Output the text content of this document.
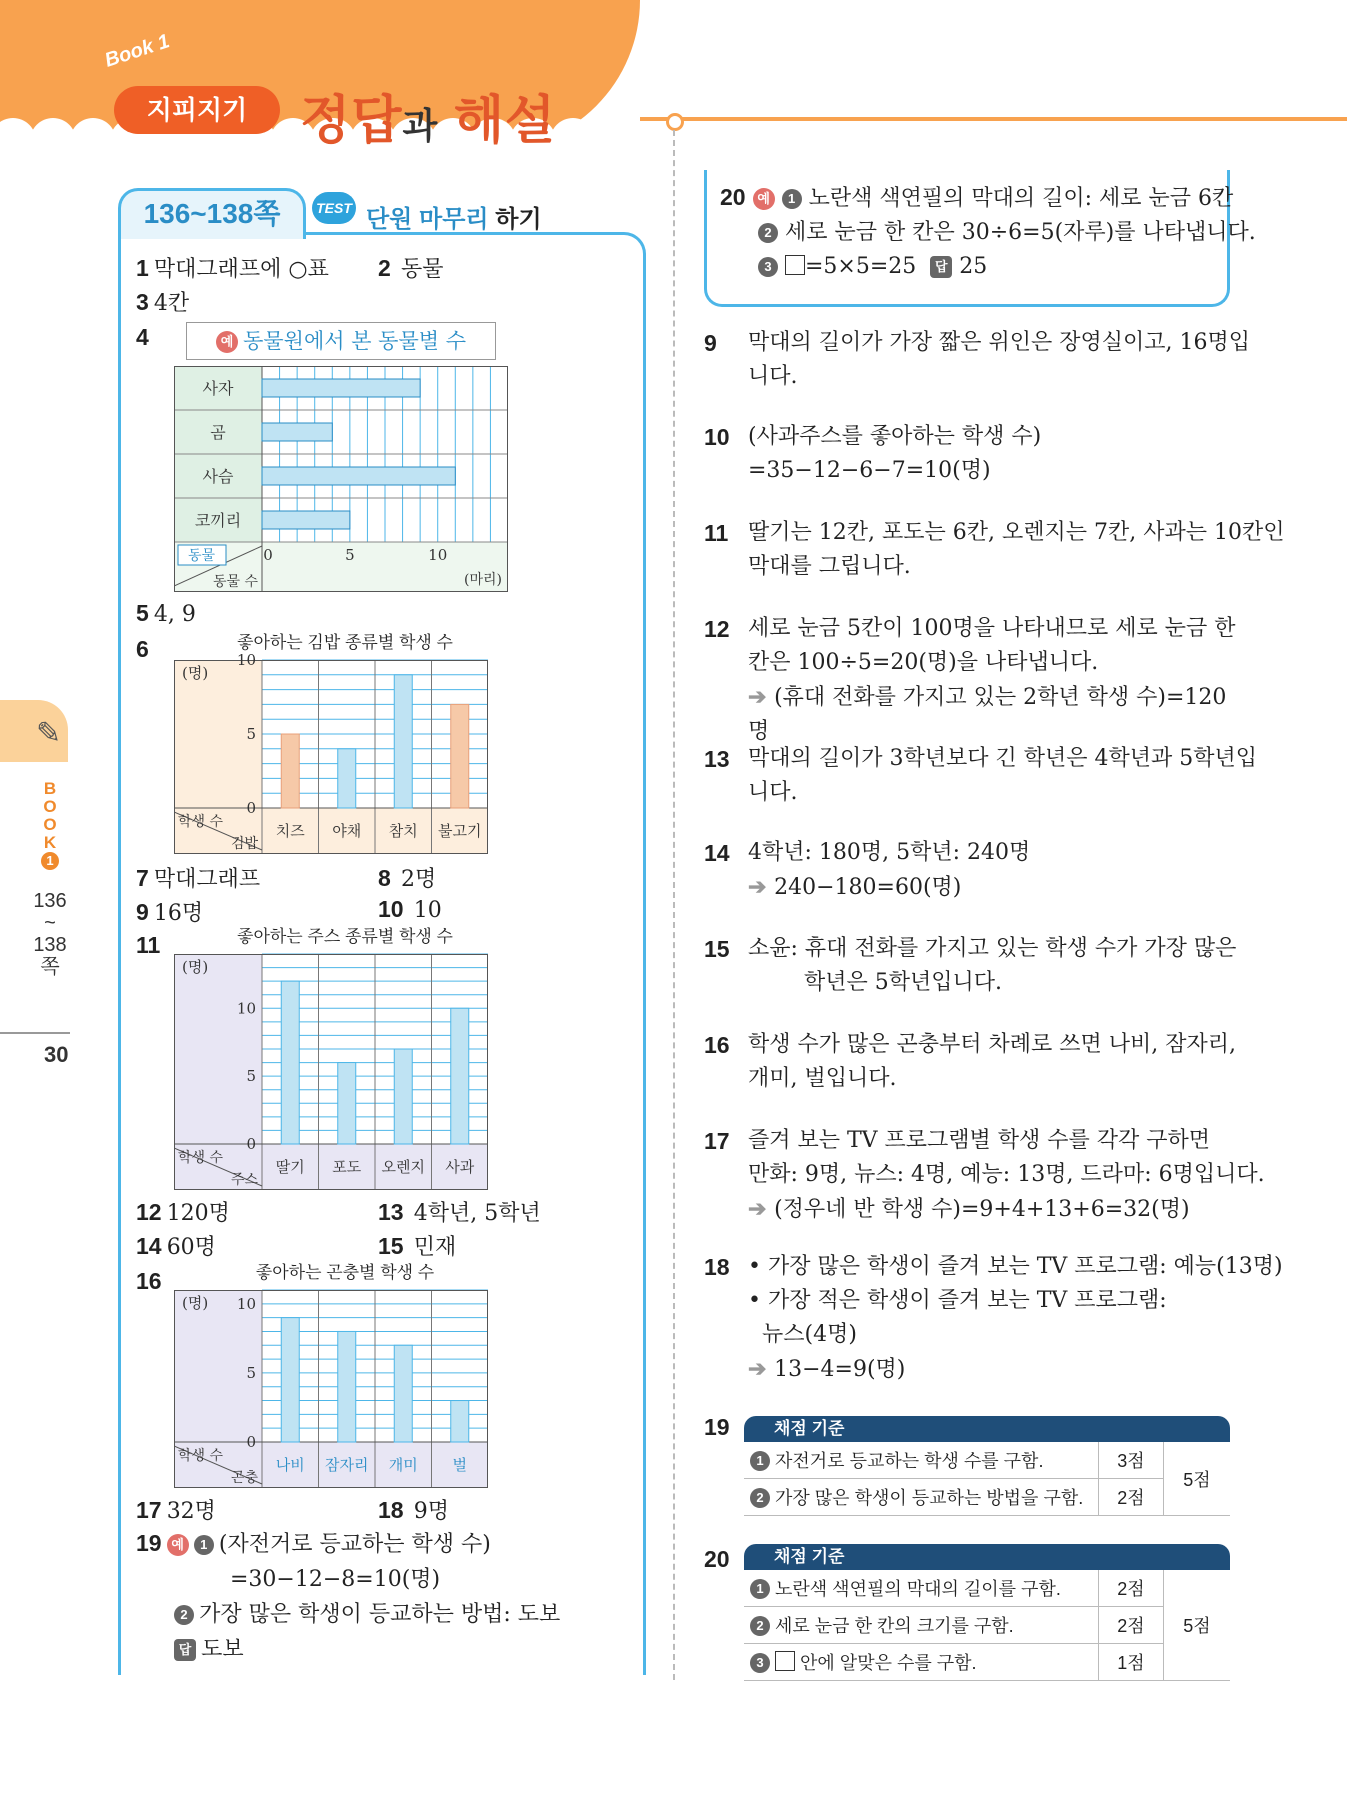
Book 1
지피지기	정답과 해설
✎
B
O
O
K
1
136
~
138
쪽
30
136~138쪽	TEST 단원 마무리 하기
1 막대그래프에 ○표 2 동물
3 4칸
4	예 동물원에서 본 동물별 수
사자
곰
사슴
코끼리
0	5	10
(마리)
동물
동물 수
5 4, 9
6	좋아하는 김밥 종류별 학생 수
0
5
10
(명)
치즈 야채 참치 불고기
학생 수
김밥
7 막대그래프	8 2명
9 16명	10 10
11	좋아하는 주스 종류별 학생 수
0
5
10
(명)
딸기 포도 오렌지 사과
학생 수
주스
12 120명	13 4학년, 5학년
14 60명	15 민재
16	좋아하는 곤충별 학생 수
0
5
10
(명)
나비 잠자리 개미 벌
학생 수
곤충
17 32명	18 9명
19 예 1 (자전거로 등교하는 학생 수)
=30−12−8=10(명)
2 가장 많은 학생이 등교하는 방법: 도보
답 도보
20 예 1 노란색 색연필의 막대의 길이: 세로 눈금 6칸
2 세로 눈금 한 칸은 30÷6=5(자루)를 나타냅니다.
3 =5×5=25 답 25
9 막대의 길이가 가장 짧은 위인은 장영실이고, 16명입
니다.
10 (사과주스를 좋아하는 학생 수)
=35−12−6−7=10(명)
11 딸기는 12칸, 포도는 6칸, 오렌지는 7칸, 사과는 10칸인
막대를 그립니다.
12 세로 눈금 5칸이 100명을 나타내므로 세로 눈금 한
칸은 100÷5=20(명)을 나타냅니다.
➔ (휴대 전화를 가지고 있는 2학년 학생 수)=120명
13 막대의 길이가 3학년보다 긴 학년은 4학년과 5학년입
니다.
14 4학년: 180명, 5학년: 240명
➔ 240−180=60(명)
15 소윤: 휴대 전화를 가지고 있는 학생 수가 가장 많은
학년은 5학년입니다.
16 학생 수가 많은 곤충부터 차례로 쓰면 나비, 잠자리,
개미, 벌입니다.
17 즐겨 보는 TV 프로그램별 학생 수를 각각 구하면
만화: 9명, 뉴스: 4명, 예능: 13명, 드라마: 6명입니다.
➔ (정우네 반 학생 수)=9+4+13+6=32(명)
18 • 가장 많은 학생이 즐겨 보는 TV 프로그램: 예능(13명)
• 가장 적은 학생이 즐겨 보는 TV 프로그램:
뉴스(4명)
➔ 13−4=9(명)
19	채점 기준
1 자전거로 등교하는 학생 수를 구함.	3점	5점
2 가장 많은 학생이 등교하는 방법을 구함.	2점	
20	채점 기준
1 노란색 색연필의 막대의 길이를 구함.	2점	5점
2 세로 눈금 한 칸의 크기를 구함.	2점	
3 안에 알맞은 수를 구함.	1점	
